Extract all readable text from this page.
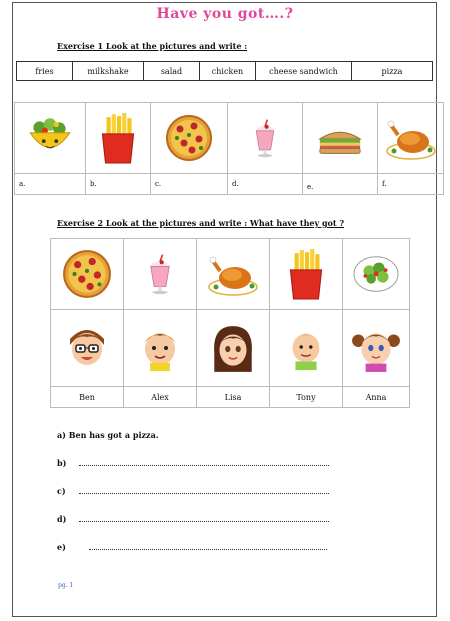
Have you got….?
Exercise 1 Look at the pictures and write :
fries	milkshake	salad	chicken	cheese sandwich	pizza

a.	b.	c.	d.	e.	f.
Exercise 2 Look at the pictures and write : What have they got ?

Ben	Alex	Lisa	Tony	Anna
a) Ben has got a pizza.
b)
c)
d)
e)
pg. 1
